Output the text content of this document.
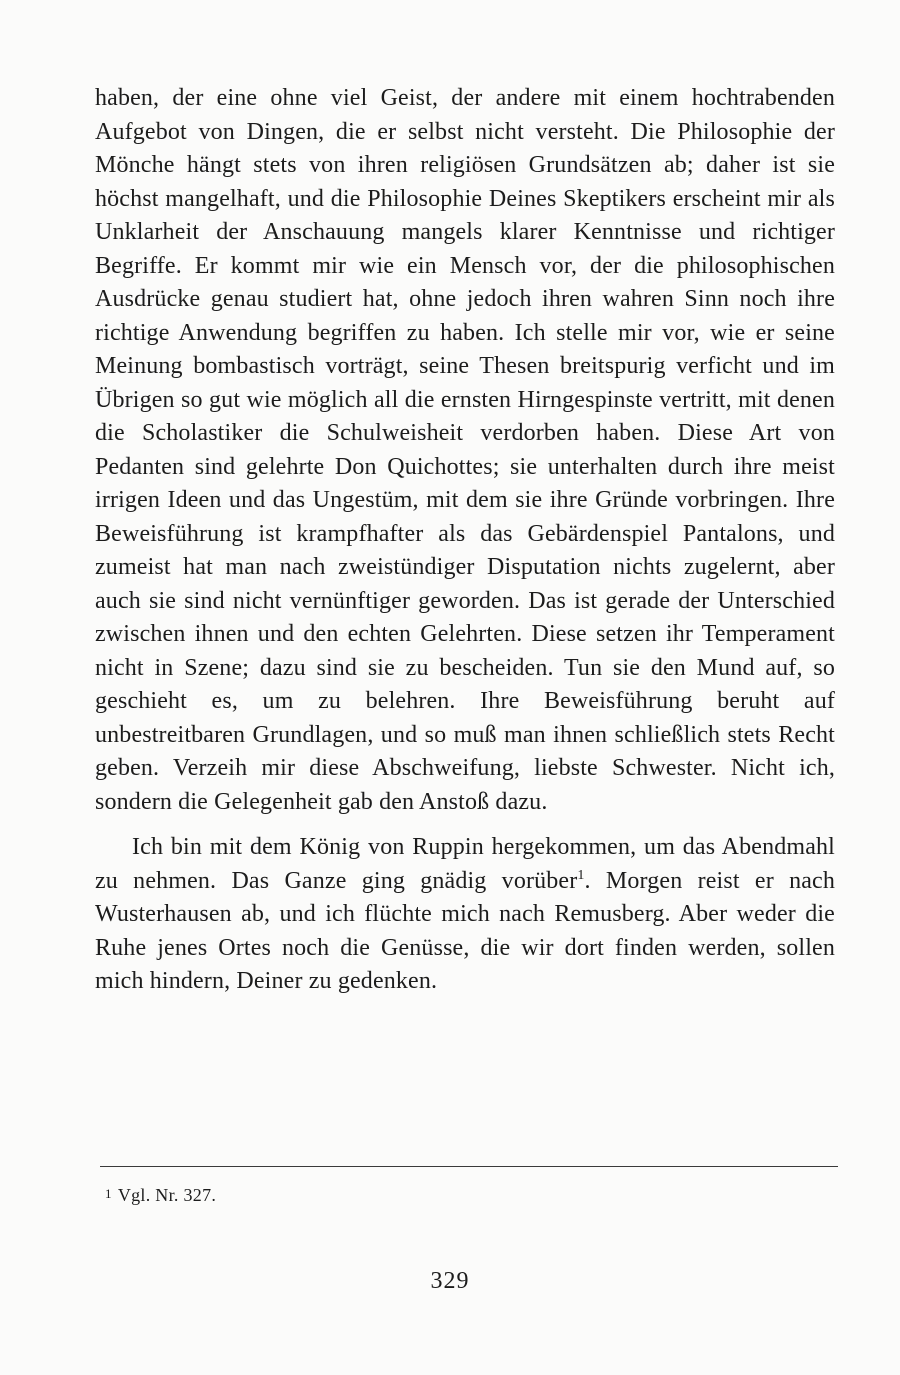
haben, der eine ohne viel Geist, der andere mit einem hochtrabenden Aufgebot von Dingen, die er selbst nicht versteht. Die Philosophie der Mönche hängt stets von ihren religiösen Grundsätzen ab; daher ist sie höchst mangelhaft, und die Philosophie Deines Skeptikers erscheint mir als Unklarheit der Anschauung mangels klarer Kenntnisse und richtiger Begriffe. Er kommt mir wie ein Mensch vor, der die philosophischen Ausdrücke genau studiert hat, ohne jedoch ihren wahren Sinn noch ihre richtige Anwendung begriffen zu haben. Ich stelle mir vor, wie er seine Meinung bombastisch vorträgt, seine Thesen breitspurig verficht und im Übrigen so gut wie möglich all die ernsten Hirngespinste vertritt, mit denen die Scholastiker die Schulweisheit verdorben haben. Diese Art von Pedanten sind gelehrte Don Quichottes; sie unterhalten durch ihre meist irrigen Ideen und das Ungestüm, mit dem sie ihre Gründe vorbringen. Ihre Beweisführung ist krampfhafter als das Gebärdenspiel Pantalons, und zumeist hat man nach zweistündiger Disputation nichts zugelernt, aber auch sie sind nicht vernünftiger geworden. Das ist gerade der Unterschied zwischen ihnen und den echten Gelehrten. Diese setzen ihr Temperament nicht in Szene; dazu sind sie zu bescheiden. Tun sie den Mund auf, so geschieht es, um zu belehren. Ihre Beweisführung beruht auf unbestreitbaren Grundlagen, und so muß man ihnen schließlich stets Recht geben. Verzeih mir diese Abschweifung, liebste Schwester. Nicht ich, sondern die Gelegenheit gab den Anstoß dazu.

Ich bin mit dem König von Ruppin hergekommen, um das Abendmahl zu nehmen. Das Ganze ging gnädig vorüber$^1$. Morgen reist er nach Wusterhausen ab, und ich flüchte mich nach Remusberg. Aber weder die Ruhe jenes Ortes noch die Genüsse, die wir dort finden werden, sollen mich hindern, Deiner zu gedenken.

1 Vgl. Nr. 327.
329
